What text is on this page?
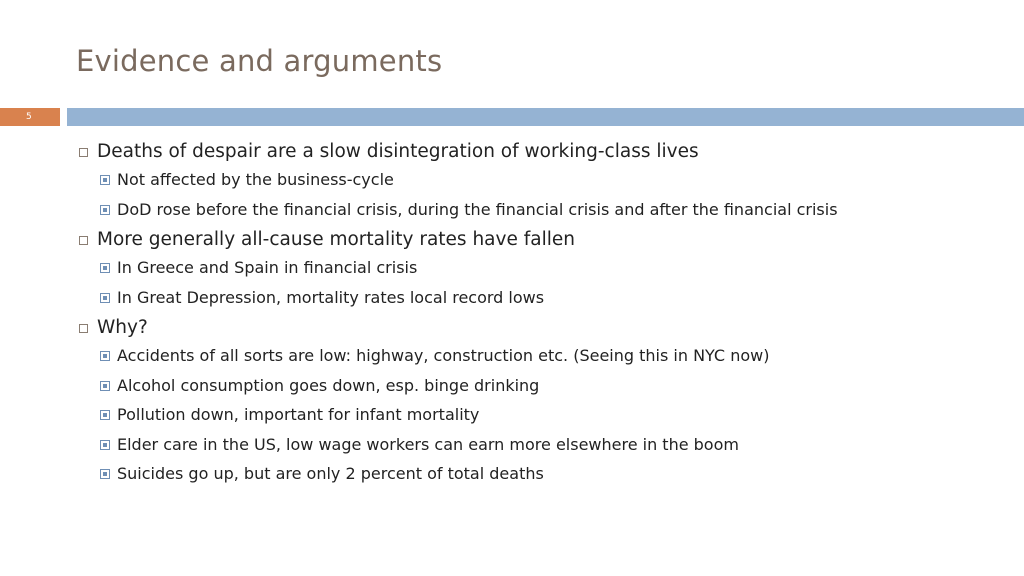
Evidence and arguments
5
Deaths of despair are a slow disintegration of working-class lives
Not affected by the business-cycle
DoD rose before the financial crisis, during the financial crisis and after the financial crisis
More generally all-cause mortality rates have fallen
In Greece and Spain in financial crisis
In Great Depression, mortality rates local record lows
Why?
Accidents of all sorts are low: highway, construction etc. (Seeing this in NYC now)
Alcohol consumption goes down, esp. binge drinking
Pollution down, important for infant mortality
Elder care in the US, low wage workers can earn more elsewhere in the boom
Suicides go up, but are only 2 percent of total deaths
